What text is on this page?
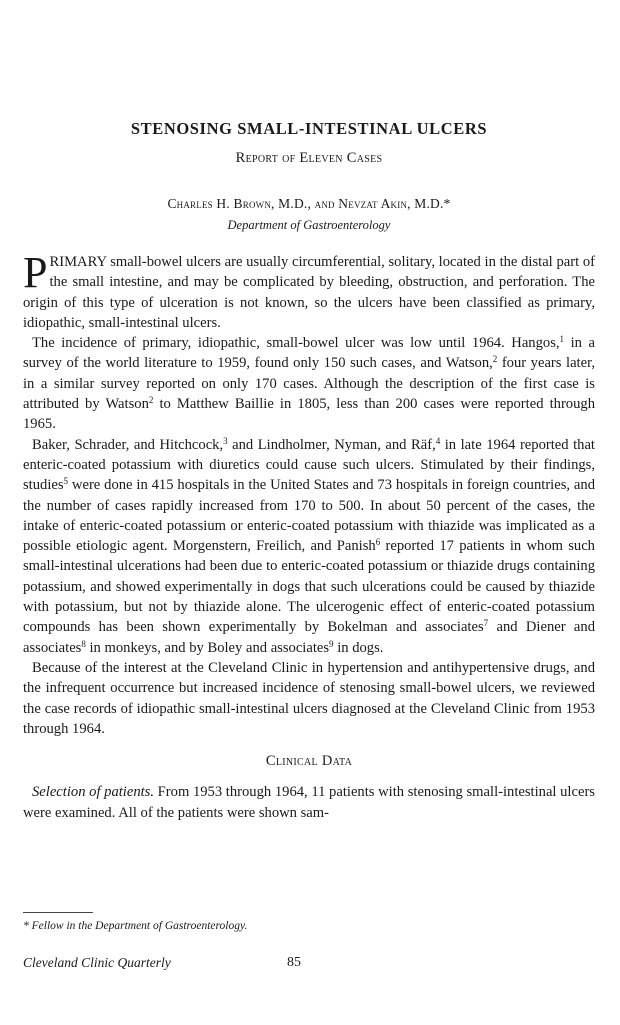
STENOSING SMALL-INTESTINAL ULCERS
Report of Eleven Cases
Charles H. Brown, M.D., and Nevzat Akin, M.D.*
Department of Gastroenterology

PRIMARY small-bowel ulcers are usually circumferential, solitary, located in the distal part of the small intestine, and may be complicated by bleeding, obstruction, and perforation. The origin of this type of ulceration is not known, so the ulcers have been classified as primary, idiopathic, small-intestinal ulcers.

The incidence of primary, idiopathic, small-bowel ulcer was low until 1964. Hangos,$^1$ in a survey of the world literature to 1959, found only 150 such cases, and Watson,$^2$ four years later, in a similar survey reported on only 170 cases. Although the description of the first case is attributed by Watson$^2$ to Matthew Baillie in 1805, less than 200 cases were reported through 1965.

Baker, Schrader, and Hitchcock,$^3$ and Lindholmer, Nyman, and Räf,$^4$ in late 1964 reported that enteric-coated potassium with diuretics could cause such ulcers. Stimulated by their findings, studies$^5$ were done in 415 hospitals in the United States and 73 hospitals in foreign countries, and the number of cases rapidly increased from 170 to 500. In about 50 percent of the cases, the intake of enteric-coated potassium or enteric-coated potassium with thiazide was implicated as a possible etiologic agent. Morgenstern, Freilich, and Panish$^6$ reported 17 patients in whom such small-intestinal ulcerations had been due to enteric-coated potassium or thiazide drugs containing potassium, and showed experimentally in dogs that such ulcerations could be caused by thiazide with potassium, but not by thiazide alone. The ulcerogenic effect of enteric-coated potassium compounds has been shown experimentally by Bokelman and associates$^7$ and Diener and associates$^8$ in monkeys, and by Boley and associates$^9$ in dogs.

Because of the interest at the Cleveland Clinic in hypertension and antihypertensive drugs, and the infrequent occurrence but increased incidence of stenosing small-bowel ulcers, we reviewed the case records of idiopathic small-intestinal ulcers diagnosed at the Cleveland Clinic from 1953 through 1964.

Clinical Data

Selection of patients. From 1953 through 1964, 11 patients with stenosing small-intestinal ulcers were examined. All of the patients were shown sam-

* Fellow in the Department of Gastroenterology.
Cleveland Clinic Quarterly	85
